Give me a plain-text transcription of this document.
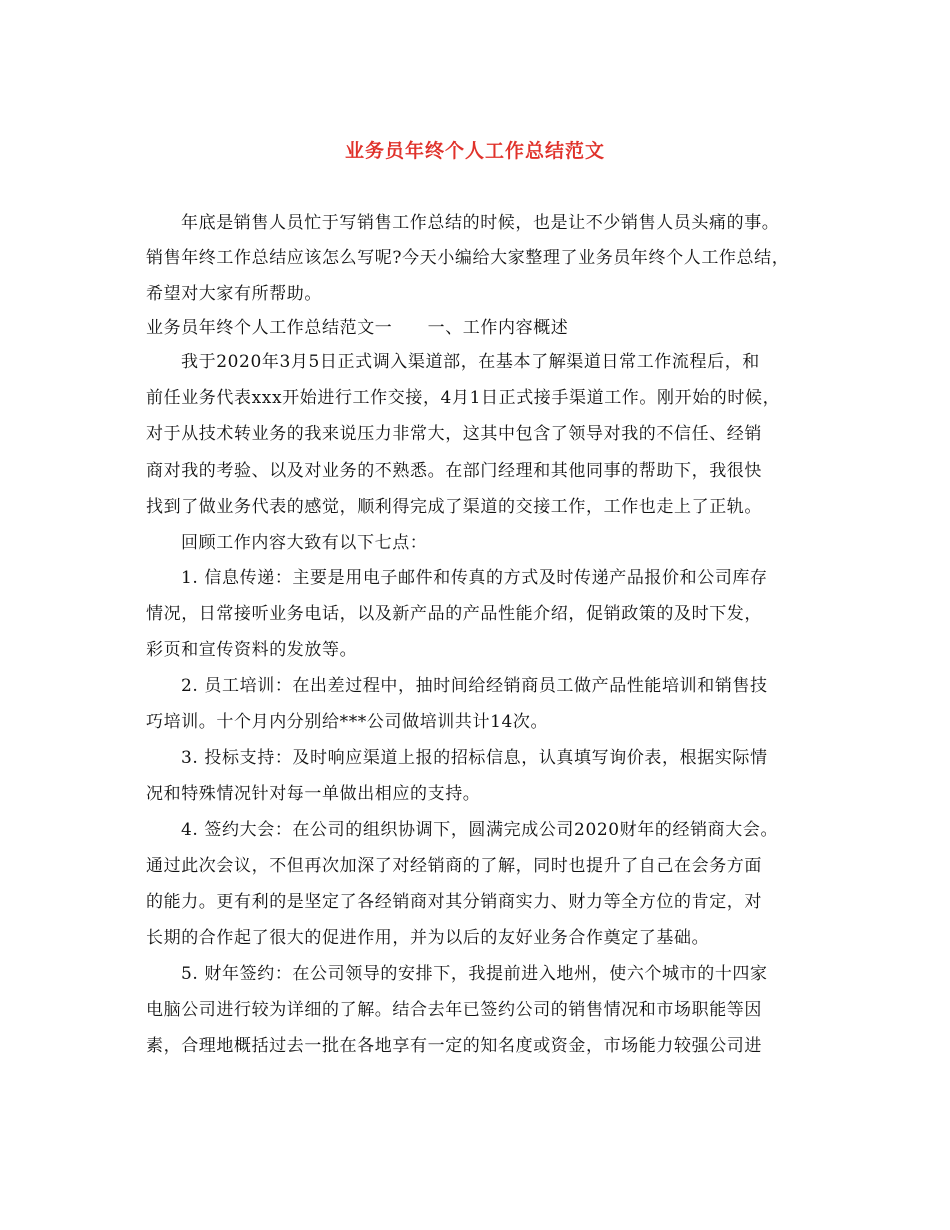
业务员年终个人工作总结范文
年底是销售人员忙于写销售工作总结的时候，也是让不少销售人员头痛的事。
销售年终工作总结应该怎么写呢?今天小编给大家整理了业务员年终个人工作总结，
希望对大家有所帮助。
业务员年终个人工作总结范文一　　一、工作内容概述
我于2020年3月5日正式调入渠道部，在基本了解渠道日常工作流程后，和
前任业务代表xxx开始进行工作交接，4月1日正式接手渠道工作。刚开始的时候，
对于从技术转业务的我来说压力非常大，这其中包含了领导对我的不信任、经销
商对我的考验、以及对业务的不熟悉。在部门经理和其他同事的帮助下，我很快
找到了做业务代表的感觉，顺利得完成了渠道的交接工作，工作也走上了正轨。
回顾工作内容大致有以下七点：
1. 信息传递：主要是用电子邮件和传真的方式及时传递产品报价和公司库存
情况，日常接听业务电话，以及新产品的产品性能介绍，促销政策的及时下发，
彩页和宣传资料的发放等。
2. 员工培训：在出差过程中，抽时间给经销商员工做产品性能培训和销售技
巧培训。十个月内分别给***公司做培训共计14次。
3. 投标支持：及时响应渠道上报的招标信息，认真填写询价表，根据实际情
况和特殊情况针对每一单做出相应的支持。
4. 签约大会：在公司的组织协调下，圆满完成公司2020财年的经销商大会。
通过此次会议，不但再次加深了对经销商的了解，同时也提升了自己在会务方面
的能力。更有利的是坚定了各经销商对其分销商实力、财力等全方位的肯定，对
长期的合作起了很大的促进作用，并为以后的友好业务合作奠定了基础。
5. 财年签约：在公司领导的安排下，我提前进入地州，使六个城市的十四家
电脑公司进行较为详细的了解。结合去年已签约公司的销售情况和市场职能等因
素，合理地概括过去一批在各地享有一定的知名度或资金，市场能力较强公司进
